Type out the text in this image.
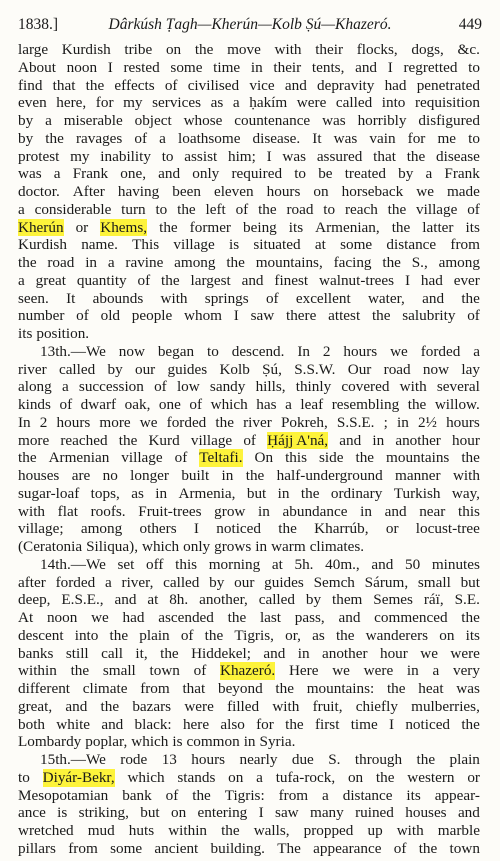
1838.]	Dârkúsh Ṭagh—Kherún—Kolb Ṣú—Khazeró.	449
large Kurdish tribe on the move with their flocks, dogs, &c.
About noon I rested some time in their tents, and I regretted to
find that the effects of civilised vice and depravity had penetrated
even here, for my services as a ḥakím were called into requisition
by a miserable object whose countenance was horribly disfigured
by the ravages of a loathsome disease. It was vain for me to
protest my inability to assist him; I was assured that the disease
was a Frank one, and only required to be treated by a Frank
doctor. After having been eleven hours on horseback we made
a considerable turn to the left of the road to reach the village of
Kherún or Khems, the former being its Armenian, the latter its
Kurdish name. This village is situated at some distance from
the road in a ravine among the mountains, facing the S., among
a great quantity of the largest and finest walnut-trees I had ever
seen. It abounds with springs of excellent water, and the
number of old people whom I saw there attest the salubrity of
its position.
13th.—We now began to descend. In 2 hours we forded a
river called by our guides Kolb Ṣú, S.S.W. Our road now lay
along a succession of low sandy hills, thinly covered with several
kinds of dwarf oak, one of which has a leaf resembling the willow.
In 2 hours more we forded the river Pokreh, S.S.E. ; in 2½ hours
more reached the Kurd village of Ḥájj A'ná, and in another hour
the Armenian village of Teltafi. On this side the mountains the
houses are no longer built in the half-underground manner with
sugar-loaf tops, as in Armenia, but in the ordinary Turkish way,
with flat roofs. Fruit-trees grow in abundance in and near this
village; among others I noticed the Kharrúb, or locust-tree
(Ceratonia Siliqua), which only grows in warm climates.
14th.—We set off this morning at 5h. 40m., and 50 minutes
after forded a river, called by our guides Semch Sárum, small but
deep, E.S.E., and at 8h. another, called by them Semes ráï, S.E.
At noon we had ascended the last pass, and commenced the
descent into the plain of the Tigris, or, as the wanderers on its
banks still call it, the Hiddekel; and in another hour we were
within the small town of Khazeró. Here we were in a very
different climate from that beyond the mountains: the heat was
great, and the bazars were filled with fruit, chiefly mulberries,
both white and black: here also for the first time I noticed the
Lombardy poplar, which is common in Syria.
15th.—We rode 13 hours nearly due S. through the plain
to Diyár-Bekr, which stands on a tufa-rock, on the western or
Mesopotamian bank of the Tigris: from a distance its appear-
ance is striking, but on entering I saw many ruined houses and
wretched mud huts within the walls, propped up with marble
pillars from some ancient building. The appearance of the town
